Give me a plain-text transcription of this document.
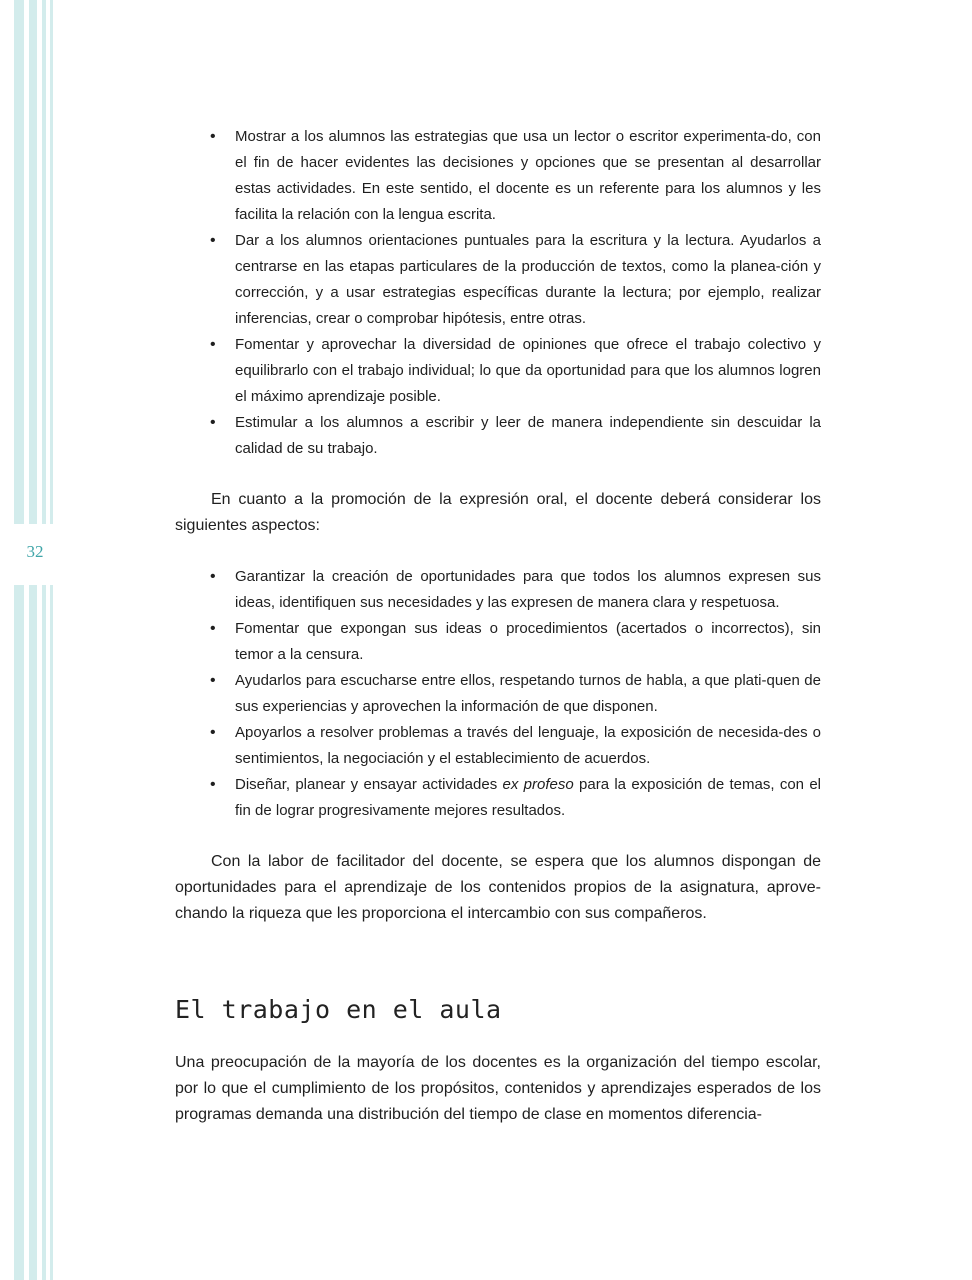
32
• Mostrar a los alumnos las estrategias que usa un lector o escritor experimenta-do, con el fin de hacer evidentes las decisiones y opciones que se presentan al desarrollar estas actividades. En este sentido, el docente es un referente para los alumnos y les facilita la relación con la lengua escrita.
• Dar a los alumnos orientaciones puntuales para la escritura y la lectura. Ayudarlos a centrarse en las etapas particulares de la producción de textos, como la planea-ción y corrección, y a usar estrategias específicas durante la lectura; por ejemplo, realizar inferencias, crear o comprobar hipótesis, entre otras.
• Fomentar y aprovechar la diversidad de opiniones que ofrece el trabajo colectivo y equilibrarlo con el trabajo individual; lo que da oportunidad para que los alumnos logren el máximo aprendizaje posible.
• Estimular a los alumnos a escribir y leer de manera independiente sin descuidar la calidad de su trabajo.

En cuanto a la promoción de la expresión oral, el docente deberá considerar los siguientes aspectos:

• Garantizar la creación de oportunidades para que todos los alumnos expresen sus ideas, identifiquen sus necesidades y las expresen de manera clara y respetuosa.
• Fomentar que expongan sus ideas o procedimientos (acertados o incorrectos), sin temor a la censura.
• Ayudarlos para escucharse entre ellos, respetando turnos de habla, a que plati-quen de sus experiencias y aprovechen la información de que disponen.
• Apoyarlos a resolver problemas a través del lenguaje, la exposición de necesida-des o sentimientos, la negociación y el establecimiento de acuerdos.
• Diseñar, planear y ensayar actividades ex profeso para la exposición de temas, con el fin de lograr progresivamente mejores resultados.

Con la labor de facilitador del docente, se espera que los alumnos dispongan de oportunidades para el aprendizaje de los contenidos propios de la asignatura, aprove-chando la riqueza que les proporciona el intercambio con sus compañeros.

El trabajo en el aula

Una preocupación de la mayoría de los docentes es la organización del tiempo escolar, por lo que el cumplimiento de los propósitos, contenidos y aprendizajes esperados de los programas demanda una distribución del tiempo de clase en momentos diferencia-
